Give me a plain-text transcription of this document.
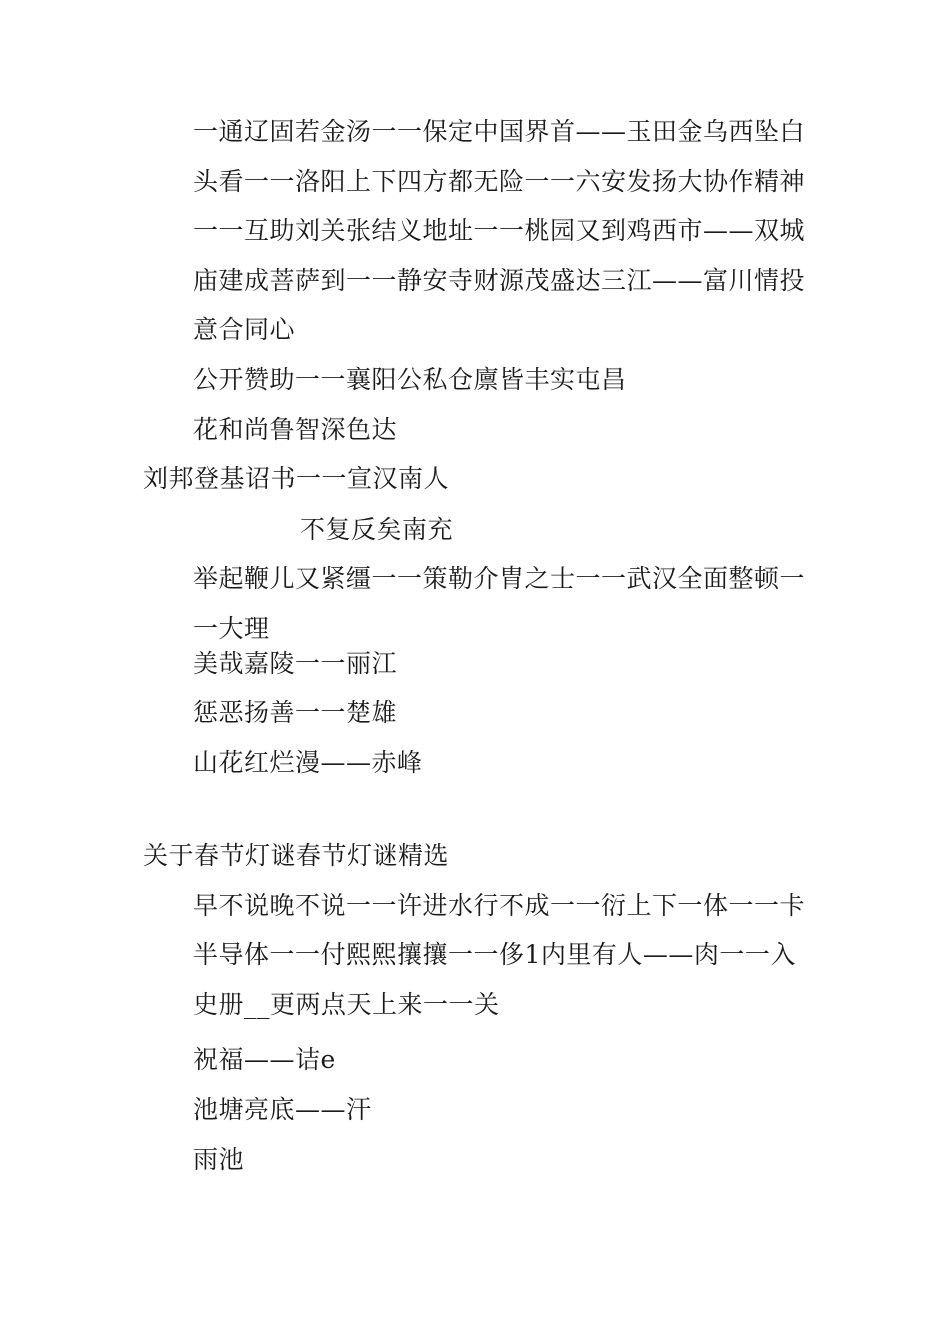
一通辽固若金汤一一保定中国界首——玉田金乌西坠白
头看一一洛阳上下四方都无险一一六安发扬大协作精神
一一互助刘关张结义地址一一桃园又到鸡西市——双城
庙建成菩萨到一一静安寺财源茂盛达三江——富川情投
意合同心
公开赞助一一襄阳公私仓廪皆丰实屯昌
花和尚鲁智深色达
刘邦登基诏书一一宣汉南人
不复反矣南充
举起鞭儿又紧缰一一策勒介胄之士一一武汉全面整顿一
一大理
美哉嘉陵一一丽江
惩恶扬善一一楚雄
山花红烂漫——赤峰
关于春节灯谜春节灯谜精选
早不说晚不说一一许进水行不成一一衍上下一体一一卡
半导体一一付熙熙攘攘一一侈1内里有人——肉一一入
史册__更两点天上来一一关
祝福——诘e
池塘亮底——汗
雨池
